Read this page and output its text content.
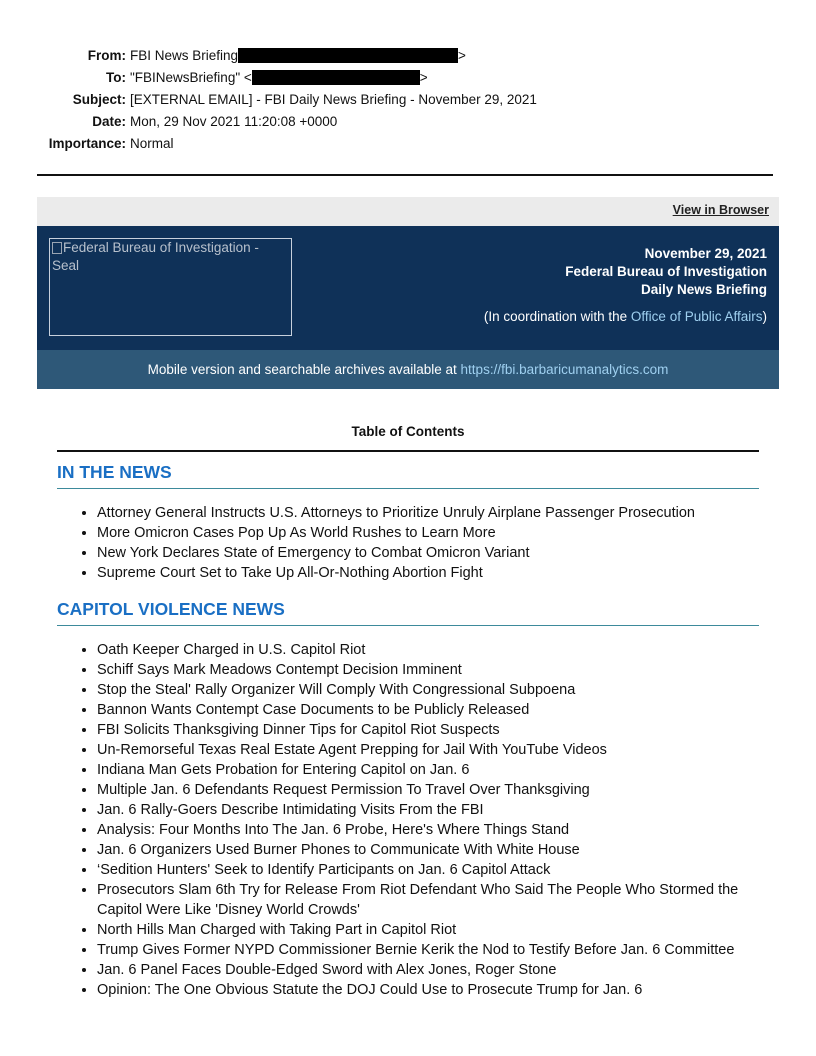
From: FBI News Briefing	>
To: "FBINewsBriefing" <	>
Subject: [EXTERNAL EMAIL] - FBI Daily News Briefing - November 29, 2021
Date: Mon, 29 Nov 2021 11:20:08 +0000
Importance: Normal
View in Browser
Federal Bureau of Investigation - Seal
November 29, 2021
Federal Bureau of Investigation
Daily News Briefing
(In coordination with the Office of Public Affairs)
Mobile version and searchable archives available at https://fbi.barbaricumanalytics.com
Table of Contents
IN THE NEWS
• Attorney General Instructs U.S. Attorneys to Prioritize Unruly Airplane Passenger Prosecution
• More Omicron Cases Pop Up As World Rushes to Learn More
• New York Declares State of Emergency to Combat Omicron Variant
• Supreme Court Set to Take Up All-Or-Nothing Abortion Fight
CAPITOL VIOLENCE NEWS
• Oath Keeper Charged in U.S. Capitol Riot
• Schiff Says Mark Meadows Contempt Decision Imminent
• Stop the Steal' Rally Organizer Will Comply With Congressional Subpoena
• Bannon Wants Contempt Case Documents to be Publicly Released
• FBI Solicits Thanksgiving Dinner Tips for Capitol Riot Suspects
• Un-Remorseful Texas Real Estate Agent Prepping for Jail With YouTube Videos
• Indiana Man Gets Probation for Entering Capitol on Jan. 6
• Multiple Jan. 6 Defendants Request Permission To Travel Over Thanksgiving
• Jan. 6 Rally-Goers Describe Intimidating Visits From the FBI
• Analysis: Four Months Into The Jan. 6 Probe, Here's Where Things Stand
• Jan. 6 Organizers Used Burner Phones to Communicate With White House
• ‘Sedition Hunters' Seek to Identify Participants on Jan. 6 Capitol Attack
• Prosecutors Slam 6th Try for Release From Riot Defendant Who Said The People Who Stormed the Capitol Were Like 'Disney World Crowds'
• North Hills Man Charged with Taking Part in Capitol Riot
• Trump Gives Former NYPD Commissioner Bernie Kerik the Nod to Testify Before Jan. 6 Committee
• Jan. 6 Panel Faces Double-Edged Sword with Alex Jones, Roger Stone
• Opinion: The One Obvious Statute the DOJ Could Use to Prosecute Trump for Jan. 6
